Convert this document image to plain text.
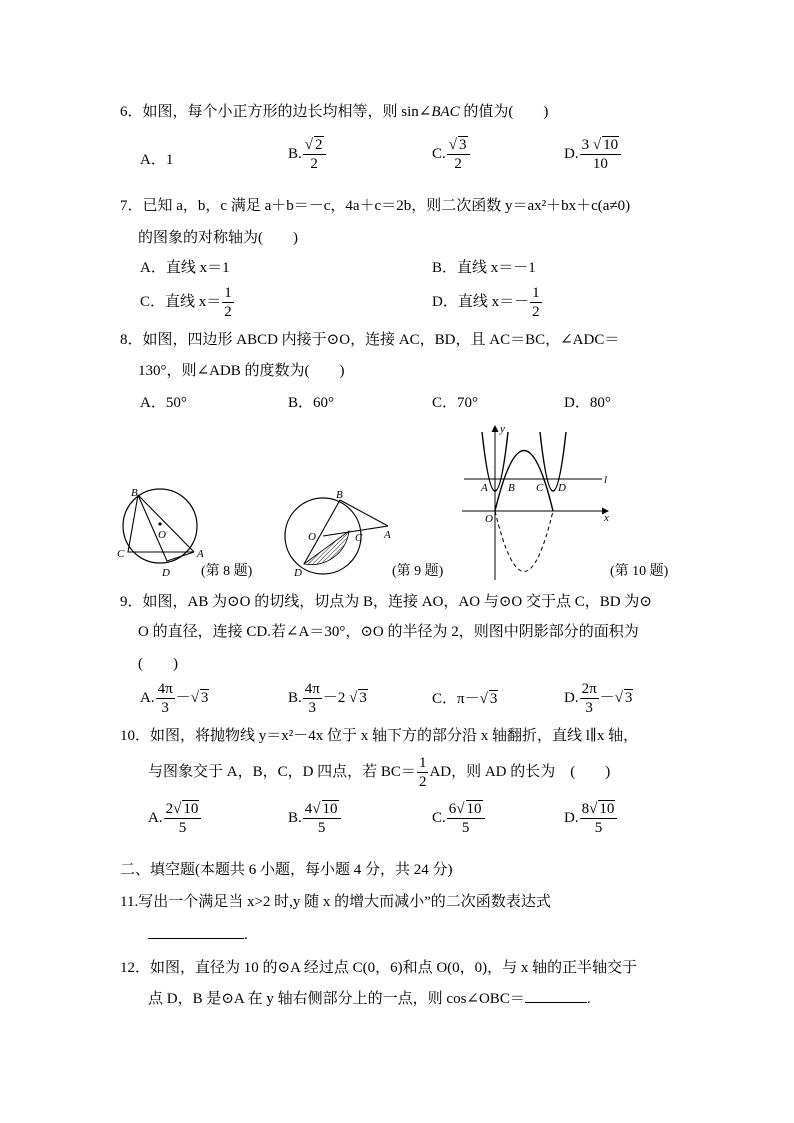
6．如图，每个小正方形的边长均相等，则 sin∠BAC 的值为(　　)
A．1	B. $\frac{√ 2}{2}$	C. $\frac{√ 3}{2}$	D. $\frac{3 √ 10}{10}$
7．已知 a，b，c 满足 a＋b＝－c，4a＋c＝2b，则二次函数 y＝ax²＋bx＋c(a≠0)
的图象的对称轴为(　　)
A．直线 x＝1	B．直线 x＝－1
C．直线 $x= \frac{1}{2}$	D．直线 $x=- \frac{1}{2}$
8．如图，四边形 ABCD 内接于⊙O，连接 AC，BD，且 AC＝BC，∠ADC＝
130°，则∠ADB 的度数为(　　)
A．50°	B．60°	C．70°	D．80°
B
O
C	A
D (第 8 题)
B
O	C A
D	(第 9 题)
y
x
l
A B C D
O
(第 10 题)
9．如图，AB 为⊙O 的切线，切点为 B，连接 AO，AO 与⊙O 交于点 C，BD 为⊙
O 的直径，连接 CD.若∠A＝30°，⊙O 的半径为 2，则图中阴影部分的面积为
(　　)
A. $\frac{4\pi}{3}$ －√ 3	B. $\frac{4\pi}{3} -2$ √ 3	C．π－√ 3	D. $\frac{2\pi}{3}$ －√ 3
10．如图，将抛物线 y＝x²－4x 位于 x 轴下方的部分沿 x 轴翻折，直线 l∥x 轴，
与图象交于 A，B，C，D 四点，若 $BC= \frac{1}{2}$ AD，则 AD 的长为　(　　)
A. $\frac{2√ 10}{5}$	B. $\frac{4√ 10}{5}$	C. $\frac{6√ 10}{5}$	D. $\frac{8√ 10}{5}$
二、填空题(本题共 6 小题，每小题 4 分，共 24 分)
11.写出一个满足当 x>2 时,y 随 x 的增大而减小”的二次函数表达式
.
12．如图，直径为 10 的⊙A 经过点 C(0，6)和点 O(0，0)，与 x 轴的正半轴交于
点 D，B 是⊙A 在 y 轴右侧部分上的一点，则 cos∠OBC＝	.
